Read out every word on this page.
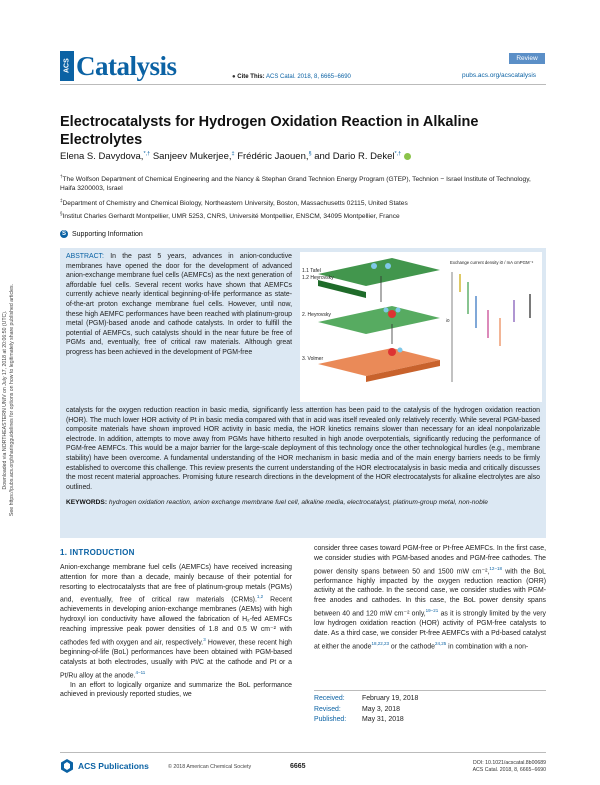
Downloaded via NORTHEASTERN UNIV on July 17, 2018 at 20:06:50 (UTC). See https://pubs.acs.org/sharingguidelines for options on how to legitimately share published articles.
ACS Catalysis	Review
pubs.acs.org/acscatalysis
● Cite This: ACS Catal. 2018, 8, 6665−6690
Electrocatalysts for Hydrogen Oxidation Reaction in Alkaline Electrolytes
Elena S. Davydova,*,† Sanjeev Mukerjee,‡ Frédéric Jaouen,§ and Dario R. Dekel*,†
†The Wolfson Department of Chemical Engineering and the Nancy & Stephan Grand Technion Energy Program (GTEP), Technion − Israel Institute of Technology, Haifa 3200003, Israel
‡Department of Chemistry and Chemical Biology, Northeastern University, Boston, Massachusetts 02115, United States
§Institut Charles Gerhardt Montpellier, UMR 5253, CNRS, Université Montpellier, ENSCM, 34095 Montpellier, France
S Supporting Information
ABSTRACT: In the past 5 years, advances in anion-conductive membranes have opened the door for the development of advanced anion-exchange membrane fuel cells (AEMFCs) as the next generation of affordable fuel cells. Several recent works have shown that AEMFCs currently achieve nearly identical beginning-of-life performance as state-of-the-art proton exchange membrane fuel cells. However, until now, these high AEMFC performances have been reached with platinum-group metal (PGM)-based anode and cathode catalysts. In order to fulfill the potential of AEMFCs, such catalysts should in the near future be free of PGMs and, eventually, free of critical raw materials. Although great progress has been achieved in the development of PGM-free
1.1 Tafel
1.2 Heyrovsky
2. Heyrovsky
3. Volmer
Exchange current density i0 / mA cmPGM⁻²
i0
catalysts for the oxygen reduction reaction in basic media, significantly less attention has been paid to the catalysis of the hydrogen oxidation reaction (HOR). The much lower HOR activity of Pt in basic media compared with that in acid was itself revealed only relatively recently. While several PGM-based composite materials have shown improved HOR activity in basic media, the HOR kinetics remains slower than necessary for an ideal nonpolarizable electrode. In addition, attempts to move away from PGMs have hitherto resulted in high anode overpotentials, significantly reducing the performance of PGM-free AEMFCs. This would be a major barrier for the large-scale deployment of this technology once the other technological hurdles (e.g., membrane stability) have been overcome. A fundamental understanding of the HOR mechanism in basic media and of the main energy barriers needs to be firmly established to overcome this challenge. This review presents the current understanding of the HOR electrocatalysis in basic media and critically discusses the most recent material approaches. Promising future research directions in the development of the HOR electrocatalysts for alkaline electrolytes are also outlined.
KEYWORDS: hydrogen oxidation reaction, anion exchange membrane fuel cell, alkaline media, electrocatalyst, platinum-group metal, non-noble
1. INTRODUCTION
Anion-exchange membrane fuel cells (AEMFCs) have received increasing attention for more than a decade, mainly because of their potential for resorting to electrocatalysts that are free of platinum-group metals (PGMs) and, eventually, free of critical raw materials (CRMs).$^{1,2}$ Recent achievements in developing anion-exchange membranes (AEMs) with high hydroxyl ion conductivity have allowed the fabrication of H₂-fed AEMFCs reaching impressive peak power densities of 1.8 and 0.5 W cm⁻² with cathodes fed with oxygen and air, respectively.$^3$ However, these recent high beginning-of-life (BoL) performances have been obtained with PGM-based catalysts at both electrodes, usually with Pt/C at the cathode and Pt or a Pt/Ru alloy at the anode.$^{4-11}$
In an effort to logically organize and summarize the BoL performance achieved in previously reported studies, we
consider three cases toward PGM-free or Pt-free AEMFCs. In the first case, we consider studies with PGM-based anodes and PGM-free cathodes. The power density spans between 50 and 1500 mW cm⁻²,$^{12-18}$ with the BoL performance highly impacted by the oxygen reduction reaction (ORR) activity at the cathode. In the second case, we consider studies with PGM-free anodes and cathodes. In this case, the BoL power density spans between 40 and 120 mW cm⁻² only,$^{19-21}$ as it is strongly limited by the very low hydrogen oxidation reaction (HOR) activity of PGM-free catalysts to date. As a third case, we consider Pt-free AEMFCs with a Pd-based catalyst at either the anode$^{18,22,23}$ or the cathode$^{24,25}$ in combination with a non-
Received:	February 19, 2018
Revised:	May 3, 2018
Published: May 31, 2018
ACS Publications	© 2018 American Chemical Society	6665	DOI: 10.1021/acscatal.8b00689
ACS Catal. 2018, 8, 6665−6690
